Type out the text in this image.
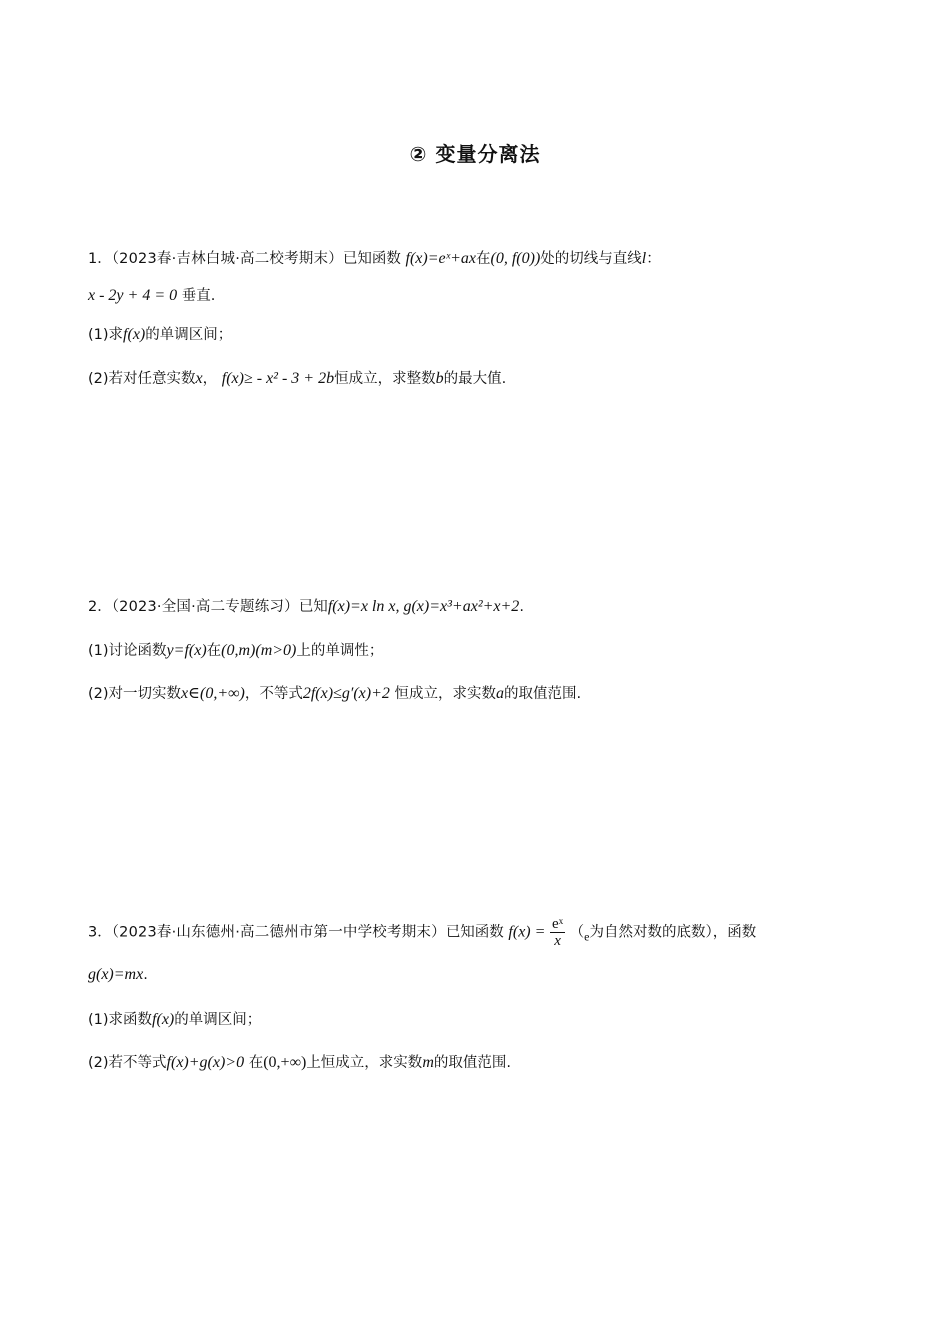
② 变量分离法
1．（2023春·吉林白城·高二校考期末）已知函数 f(x)=eˣ+ax在(0, f(0))处的切线与直线l：
x - 2y + 4 = 0 垂直.
(1)求f(x)的单调区间；
(2)若对任意实数x， f(x)≥ - x² - 3 + 2b恒成立，求整数b的最大值.
2．（2023·全国·高二专题练习）已知f(x)=x ln x, g(x)=x³+ax²+x+2.
(1)讨论函数y=f(x)在(0,m)(m>0)上的单调性；
(2)对一切实数x∈(0,+∞)，不等式2f(x)≤g′(x)+2 恒成立，求实数a的取值范围.
3．（2023春·山东德州·高二德州市第一中学校考期末）已知函数 $f(x) = \frac{\text{eˣ}}{x} (_e$为自然对数的底数），函数
g(x)=mx.
(1)求函数f(x)的单调区间；
(2)若不等式f(x)+g(x)>0 在(0,+∞)上恒成立，求实数m的取值范围.
